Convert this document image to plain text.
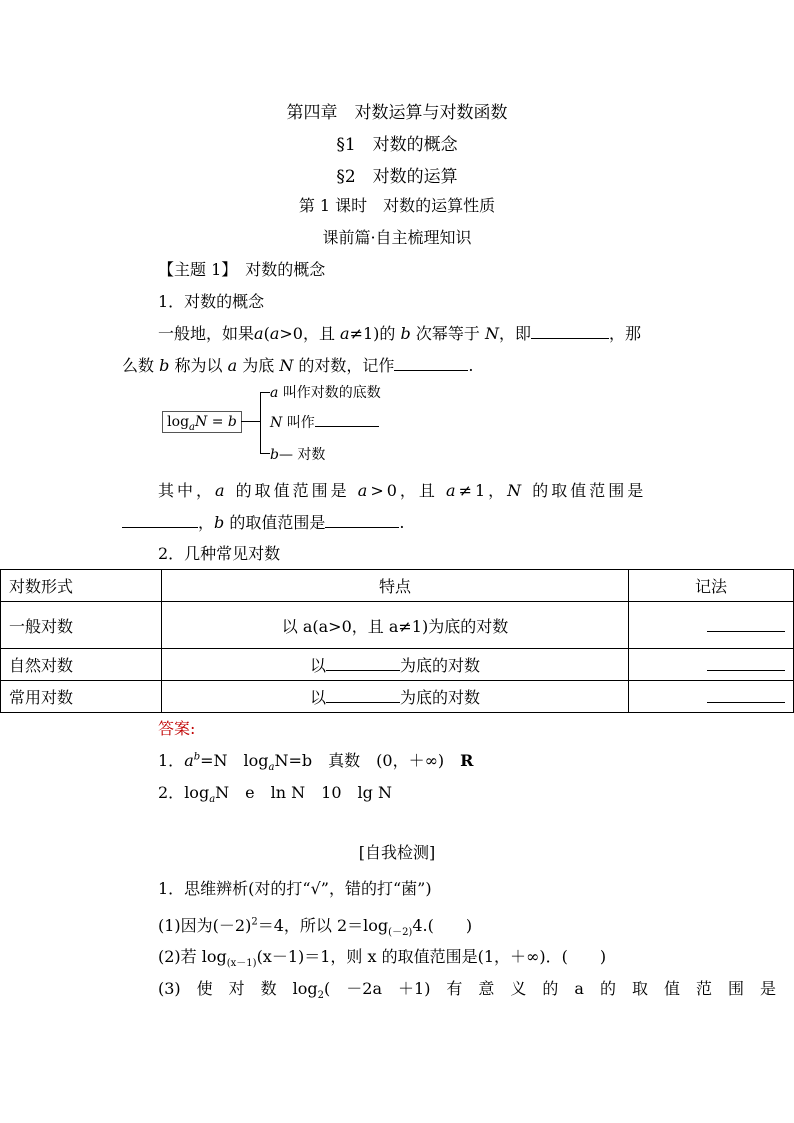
第四章　对数运算与对数函数
§1　对数的概念
§2　对数的运算
第 1 课时　对数的运算性质
课前篇·自主梳理知识
【主题 1】　对数的概念
1．对数的概念
一般地，如果a(a>0，且 a≠1)的 b 次幂等于 N，即	，那
么数 b 称为以 a 为底 N 的对数，记作	.
$\log_aN = b$
a 叫作对数的底数
N 叫作
b— 对数
其中，a 的取值范围是 a>0，且 a≠1，N 的取值范围是
，b 的取值范围是	.
2．几种常见对数
对数形式	特点	记法
一般对数	以 a(a>0，且 a≠1)为底的对数	
自然对数	以 为底的对数	
常用对数	以 为底的对数	
答案:
1．$a^b=N$　$\log_aN=b$　真数　(0，＋∞)　R
2．$\log_aN$　e　ln N　10　lg N
[自我检测]
1．思维辨析(对的打“√”，错的打“菌”)
(1)因为$(-2)^2=4$，所以 $2=\log_{(-2)}4$.(　　)
(2)若 $\log_{(x-1)}(x-1)=1$，则 x 的取值范围是(1，＋∞)．(　　)
(3)　使　对　数　$\log_2$(　－2a　＋1)　有　意　义　的　a　的　取　值　范　围　是
